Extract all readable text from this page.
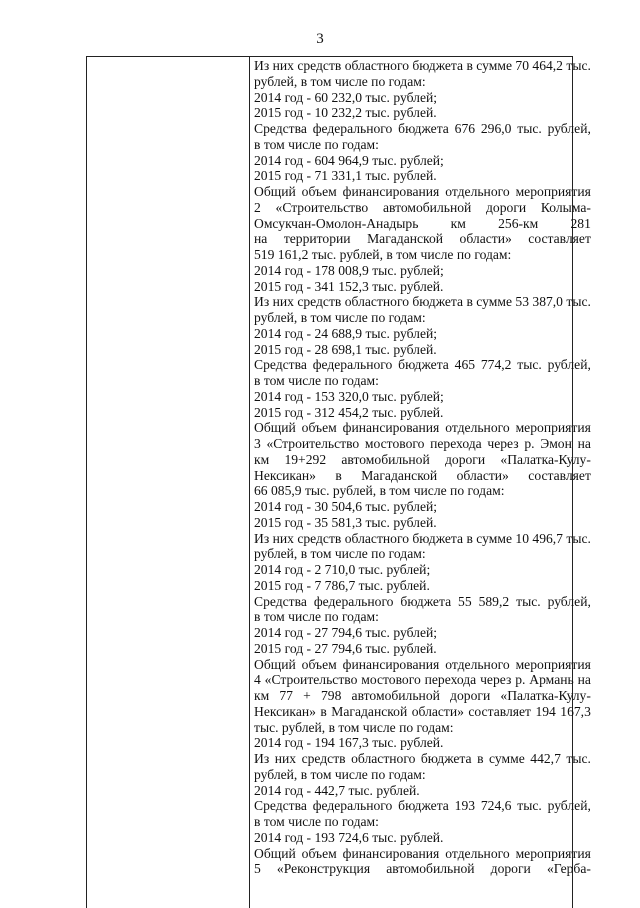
3
Из них средств областного бюджета в сумме 70 464,2 тыс.
рублей, в том числе по годам:
2014 год - 60 232,0 тыс. рублей;
2015 год - 10 232,2 тыс. рублей.
Средства федерального бюджета 676 296,0 тыс. рублей,
в том числе по годам:
2014 год - 604 964,9 тыс. рублей;
2015 год - 71 331,1 тыс. рублей.
Общий объем финансирования отдельного мероприятия
2 «Строительство автомобильной дороги Колыма-
Омсукчан-Омолон-Анадырь км 256-км 281
на территории Магаданской области» составляет
519 161,2 тыс. рублей, в том числе по годам:
2014 год - 178 008,9 тыс. рублей;
2015 год - 341 152,3 тыс. рублей.
Из них средств областного бюджета в сумме 53 387,0 тыс.
рублей, в том числе по годам:
2014 год - 24 688,9 тыс. рублей;
2015 год - 28 698,1 тыс. рублей.
Средства федерального бюджета 465 774,2 тыс. рублей,
в том числе по годам:
2014 год - 153 320,0 тыс. рублей;
2015 год - 312 454,2 тыс. рублей.
Общий объем финансирования отдельного мероприятия
3 «Строительство мостового перехода через р. Эмон на
км 19+292 автомобильной дороги «Палатка-Кулу-
Нексикан» в Магаданской области» составляет
66 085,9 тыс. рублей, в том числе по годам:
2014 год - 30 504,6 тыс. рублей;
2015 год - 35 581,3 тыс. рублей.
Из них средств областного бюджета в сумме 10 496,7 тыс.
рублей, в том числе по годам:
2014 год - 2 710,0 тыс. рублей;
2015 год - 7 786,7 тыс. рублей.
Средства федерального бюджета 55 589,2 тыс. рублей,
в том числе по годам:
2014 год - 27 794,6 тыс. рублей;
2015 год - 27 794,6 тыс. рублей.
Общий объем финансирования отдельного мероприятия
4 «Строительство мостового перехода через р. Армань на
км 77 + 798 автомобильной дороги «Палатка-Кулу-
Нексикан» в Магаданской области» составляет 194 167,3
тыс. рублей, в том числе по годам:
2014 год - 194 167,3 тыс. рублей.
Из них средств областного бюджета в сумме 442,7 тыс.
рублей, в том числе по годам:
2014 год - 442,7 тыс. рублей.
Средства федерального бюджета 193 724,6 тыс. рублей,
в том числе по годам:
2014 год - 193 724,6 тыс. рублей.
Общий объем финансирования отдельного мероприятия
5 «Реконструкция автомобильной дороги «Герба-
